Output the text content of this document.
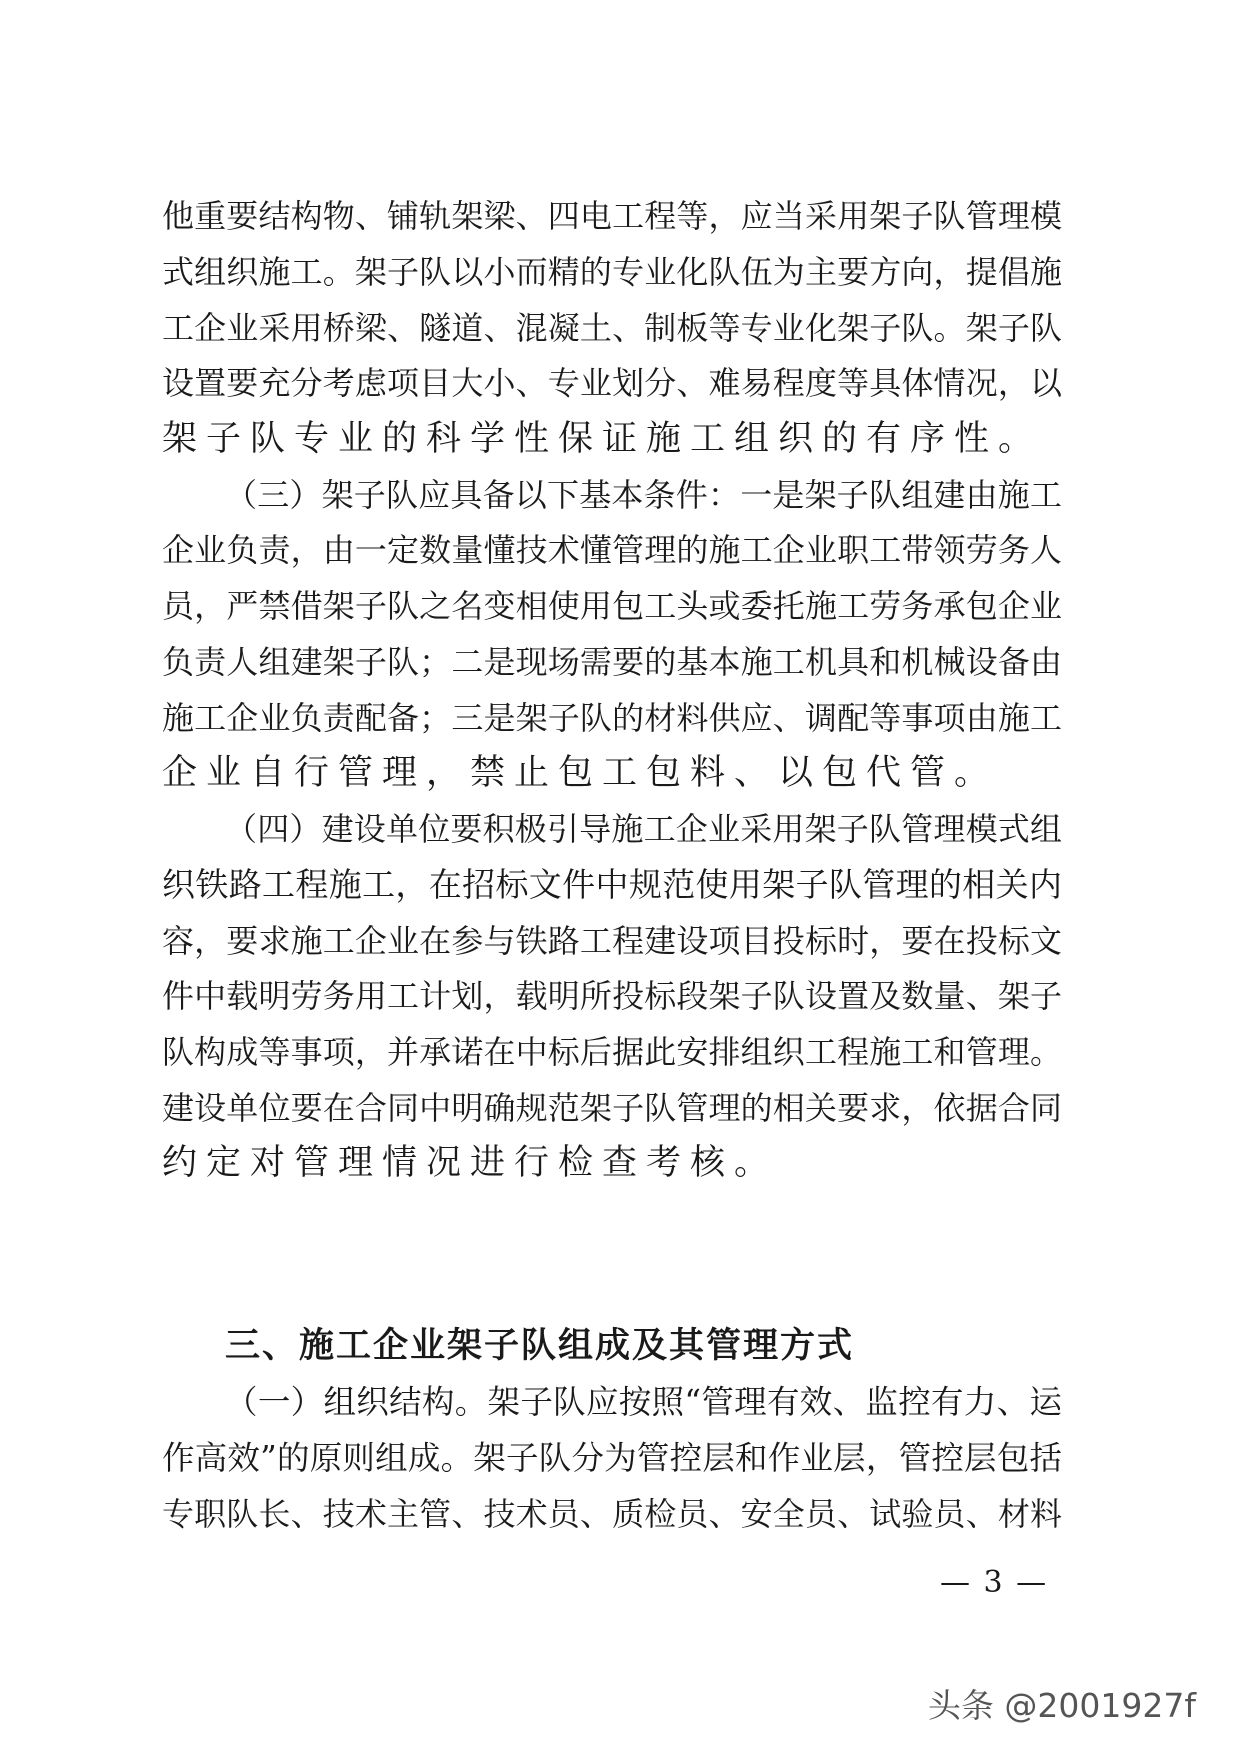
他重要结构物、铺轨架梁、四电工程等，应当采用架子队管理模
式组织施工。架子队以小而精的专业化队伍为主要方向，提倡施
工企业采用桥梁、隧道、混凝土、制板等专业化架子队。架子队
设置要充分考虑项目大小、专业划分、难易程度等具体情况，以
架子队专业的科学性保证施工组织的有序性。
（三）架子队应具备以下基本条件：一是架子队组建由施工
企业负责，由一定数量懂技术懂管理的施工企业职工带领劳务人
员，严禁借架子队之名变相使用包工头或委托施工劳务承包企业
负责人组建架子队；二是现场需要的基本施工机具和机械设备由
施工企业负责配备；三是架子队的材料供应、调配等事项由施工
企业自行管理，禁止包工包料、以包代管。
（四）建设单位要积极引导施工企业采用架子队管理模式组
织铁路工程施工，在招标文件中规范使用架子队管理的相关内
容，要求施工企业在参与铁路工程建设项目投标时，要在投标文
件中载明劳务用工计划，载明所投标段架子队设置及数量、架子
队构成等事项，并承诺在中标后据此安排组织工程施工和管理。
建设单位要在合同中明确规范架子队管理的相关要求，依据合同
约定对管理情况进行检查考核。
三、施工企业架子队组成及其管理方式
（一）组织结构。架子队应按照“管理有效、监控有力、运
作高效”的原则组成。架子队分为管控层和作业层，管控层包括
专职队长、技术主管、技术员、质检员、安全员、试验员、材料
— 3 —
头条 @2001927f
